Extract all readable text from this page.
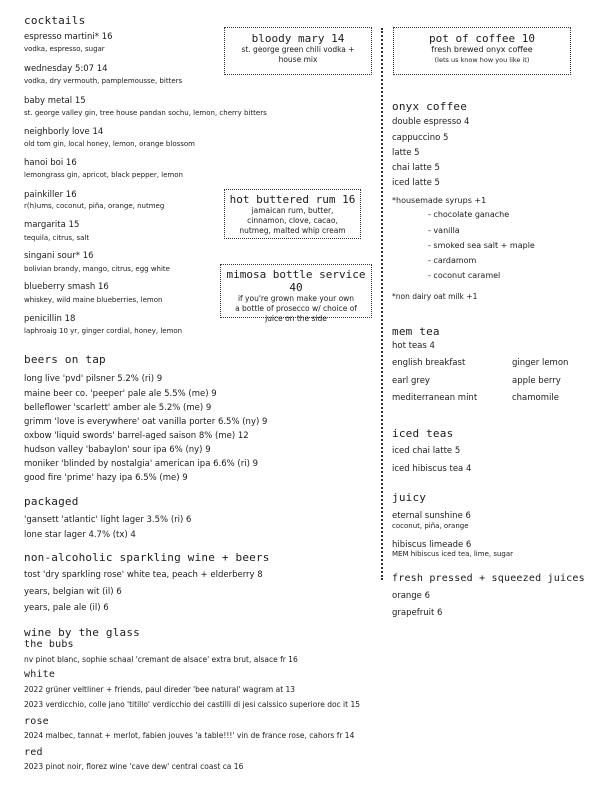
cocktails
espresso martini* 16
vodka, espresso, sugar
wednesday 5:07 14
vodka, dry vermouth, pamplemousse, bitters
baby metal 15
st. george valley gin, tree house pandan sochu, lemon, cherry bitters
neighborly love 14
old tom gin, local honey, lemon, orange blossom
hanoi boi 16
lemongrass gin, apricot, black pepper, lemon
painkiller 16
r(h)ums, coconut, piña, orange, nutmeg
margarita 15
tequila, citrus, salt
singani sour* 16
bolivian brandy, mango, citrus, egg white
blueberry smash 16
whiskey, wild maine blueberries, lemon
penicillin 18
laphroaig 10 yr, ginger cordial, honey, lemon
bloody mary 14
st. george green chili vodka +
house mix
hot buttered rum 16
jamaican rum, butter,
cinnamon, clove, cacao,
nutmeg, malted whip cream
mimosa bottle service 40
if you're grown make your own
a bottle of prosecco w/ choice of
juice on the side
beers on tap
long live 'pvd' pilsner 5.2% (ri) 9
maine beer co. 'peeper' pale ale 5.5% (me) 9
belleflower 'scarlett' amber ale 5.2% (me) 9
grimm 'love is everywhere' oat vanilla porter 6.5% (ny) 9
oxbow 'liquid swords' barrel-aged saison 8% (me) 12
hudson valley 'babaylon' sour ipa 6% (ny) 9
moniker 'blinded by nostalgia' american ipa 6.6% (ri) 9
good fire 'prime' hazy ipa 6.5% (me) 9
packaged
'gansett 'atlantic' light lager 3.5% (ri) 6
lone star lager 4.7% (tx) 4
non-alcoholic sparkling wine + beers
tost 'dry sparkling rose' white tea, peach + elderberry 8
years, belgian wit (il) 6
years, pale ale (il) 6
wine by the glass
the bubs
nv pinot blanc, sophie schaal 'cremant de alsace' extra brut, alsace fr 16
white
2022 grüner veltliner + friends, paul direder 'bee natural' wagram at 13
2023 verdicchio, colle jano 'titillo' verdicchio dei castilli di jesi calssico superiore doc it 15
rose
2024 malbec, tannat + merlot, fabien jouves 'a table!!!' vin de france rose, cahors fr 14
red
2023 pinot noir, florez wine 'cave dew' central coast ca 16
pot of coffee 10
fresh brewed onyx coffee
(lets us know how you like it)
onyx coffee
double espresso 4
cappuccino 5
latte 5
chai latte 5
iced latte 5
*housemade syrups +1
- chocolate ganache
- vanilla
- smoked sea salt + maple
- cardamom
- coconut caramel
*non dairy oat milk +1
mem tea
hot teas 4
english breakfast
earl grey
mediterranean mint
ginger lemon
apple berry
chamomile
iced teas
iced chai latte 5
iced hibiscus tea 4
juicy
eternal sunshine 6
coconut, piña, orange
hibiscus limeade 6
MEM hibiscus iced tea, lime, sugar
fresh pressed + squeezed juices
orange 6
grapefruit 6
